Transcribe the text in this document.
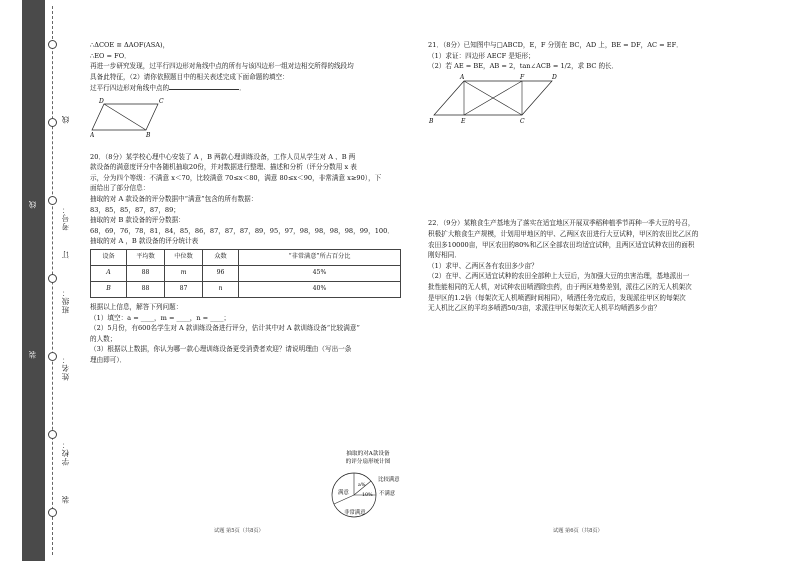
线
装
学校：
姓名：
班级：
考号：
线
订
装

∴ΔCOE ≅ ΔAOF(ASA)，

∴EO = FO．

再进一步研究发现，过平行四边形对角线中点的所有与该四边形一组对边相交所得的线段均

具备此特征，（2）请你依照题目中的相关表述完成下面命题的填空：

过平行四边形对角线中点的	．

D	C
A	B

20．（8分）某学校心理中心安装了 A ，B 两款心理训练设备，工作人员从学生对 A 、B 两

款设备的满意度评分中各随机抽取20份，并对数据进行整理、描述和分析（评分分数用 x 表

示，分为四个等级：不满意 x＜70，比较满意 70≤x＜80，满意 80≤x＜90，非常满意 x≥90），下

面给出了部分信息：

抽取的对 A 款设备的评分数据中“满意”包含的所有数据：

83，85，85，87，87，89；

抽取的对 B 款设备的评分数据：

68，69，76，78，81，84，85，86，87，87，87，89，95，97，98，98，98，98，99，100．

抽取的对 A ，B 款设备的评分统计表

设备	平均数	中位数	众数	“非常满意”所占百分比
A	88	m	96	45%
B	88	87	n	40%

根据以上信息，解答下列问题：

（1）填空：a = ____，m = ____，n = ____；

（2）5月份，有600名学生对 A 款训练设备进行评分，估计其中对 A 款训练设备“比较满意”

的人数；

（3）根据以上数据，你认为哪一款心理训练设备更受消费者欢迎？请说明理由（写出一条

理由即可）．

抽取的对A款设备
的评分扇形统计图
满意
比较满意
不满意
非常满意
a%
10%
试题 第5页（共8页）

21．（8分）已知图中与□ABCD，E，F 分别在 BC，AD 上，BE = DF，AC = EF．

（1）求证：四边形 AECF 是矩形；

（2）若 AE = BE，AB = 2，tan∠ACB = 1/2，求 BC 的长．

A	F	D
B	E	C

22．（9分）某粮食生产基地为了落实在适宜地区开展双季稻种植季节再种一季大豆的号召，

积极扩大粮食生产规模，计划用甲地区的甲、乙两区农田进行大豆试种，甲区的农田比乙区的

农田多10000亩，甲区农田的80%和乙区全部农田均适宜试种，且两区适宜试种农田的面积

刚好相同．

（1）求甲、乙两区各有农田多少亩？

（2）在甲、乙两区适宜试种的农田全部种上大豆后，为加强大豆的虫害治理，基地派出一

批性能相同的无人机，对试种农田喷洒除虫药，由于两区地势差别，派往乙区的无人机架次

是甲区的1.2倍（每架次无人机喷洒时间相同），喷洒任务完成后，发现派往甲区的每架次

无人机比乙区的平均多喷洒50/3亩，求派往甲区每架次无人机平均喷洒多少亩？

试题 第6页（共8页）
